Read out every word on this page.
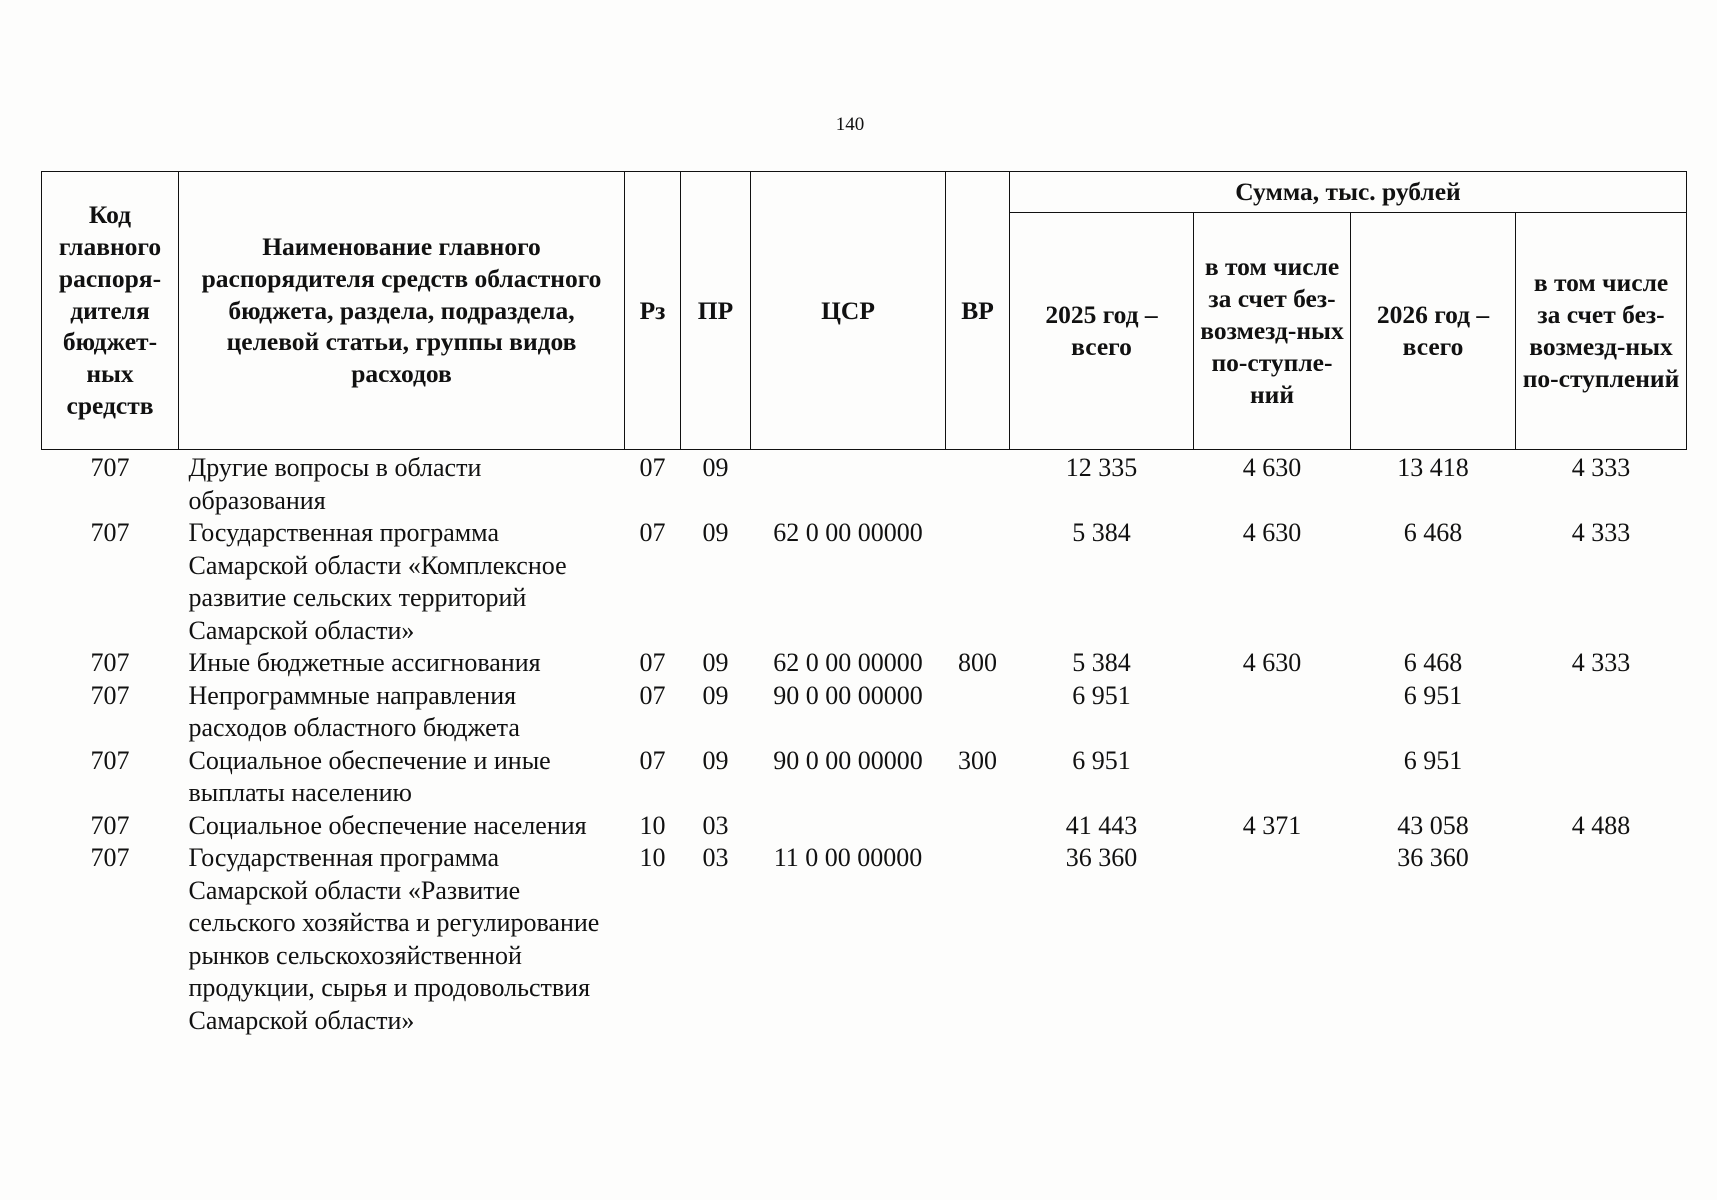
140
Код главного распоря-дителя бюджет-ных средств	Наименование главного распорядителя средств областного бюджета, раздела, подраздела, целевой статьи, группы видов расходов	Рз	ПР	ЦСР	ВР	Сумма, тыс. рублей			
						2025 год – всего	в том числе за счет без-возмезд-ных по-ступле-ний	2026 год – всего	в том числе за счет без-возмезд-ных по-ступлений
707	Другие вопросы в области образования	07	09			12 335	4 630	13 418	4 333
707	Государственная программа Самарской области «Комплексное развитие сельских территорий Самарской области»	07	09	62 0 00 00000		5 384	4 630	6 468	4 333
707	Иные бюджетные ассигнования	07	09	62 0 00 00000	800	5 384	4 630	6 468	4 333
707	Непрограммные направления расходов областного бюджета	07	09	90 0 00 00000		6 951		6 951	
707	Социальное обеспечение и иные выплаты населению	07	09	90 0 00 00000	300	6 951		6 951	
707	Социальное обеспечение населения	10	03			41 443	4 371	43 058	4 488
707	Государственная программа Самарской области «Развитие сельского хозяйства и регулирование рынков сельскохозяйственной продукции, сырья и продовольствия Самарской области»	10	03	11 0 00 00000		36 360		36 360	
